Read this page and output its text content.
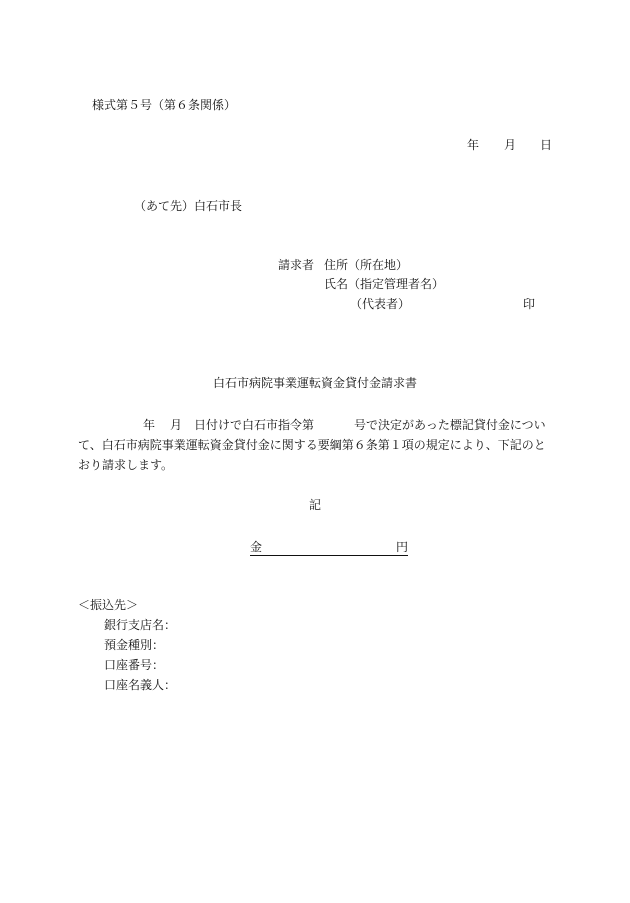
様式第５号（第６条関係）
年 月 日
（あて先）白石市長
請求者 住所（所在地）
氏名（指定管理者名）
（代表者）	印
白石市病院事業運転資金貸付金請求書
年 月 日付けで白石市指令第	号で決定があった標記貸付金につい
て、白石市病院事業運転資金貸付金に関する要綱第６条第１項の規定により、下記のと
おり請求します。
記
金	円
＜振込先＞
銀行支店名：
預金種別：
口座番号：
口座名義人：
